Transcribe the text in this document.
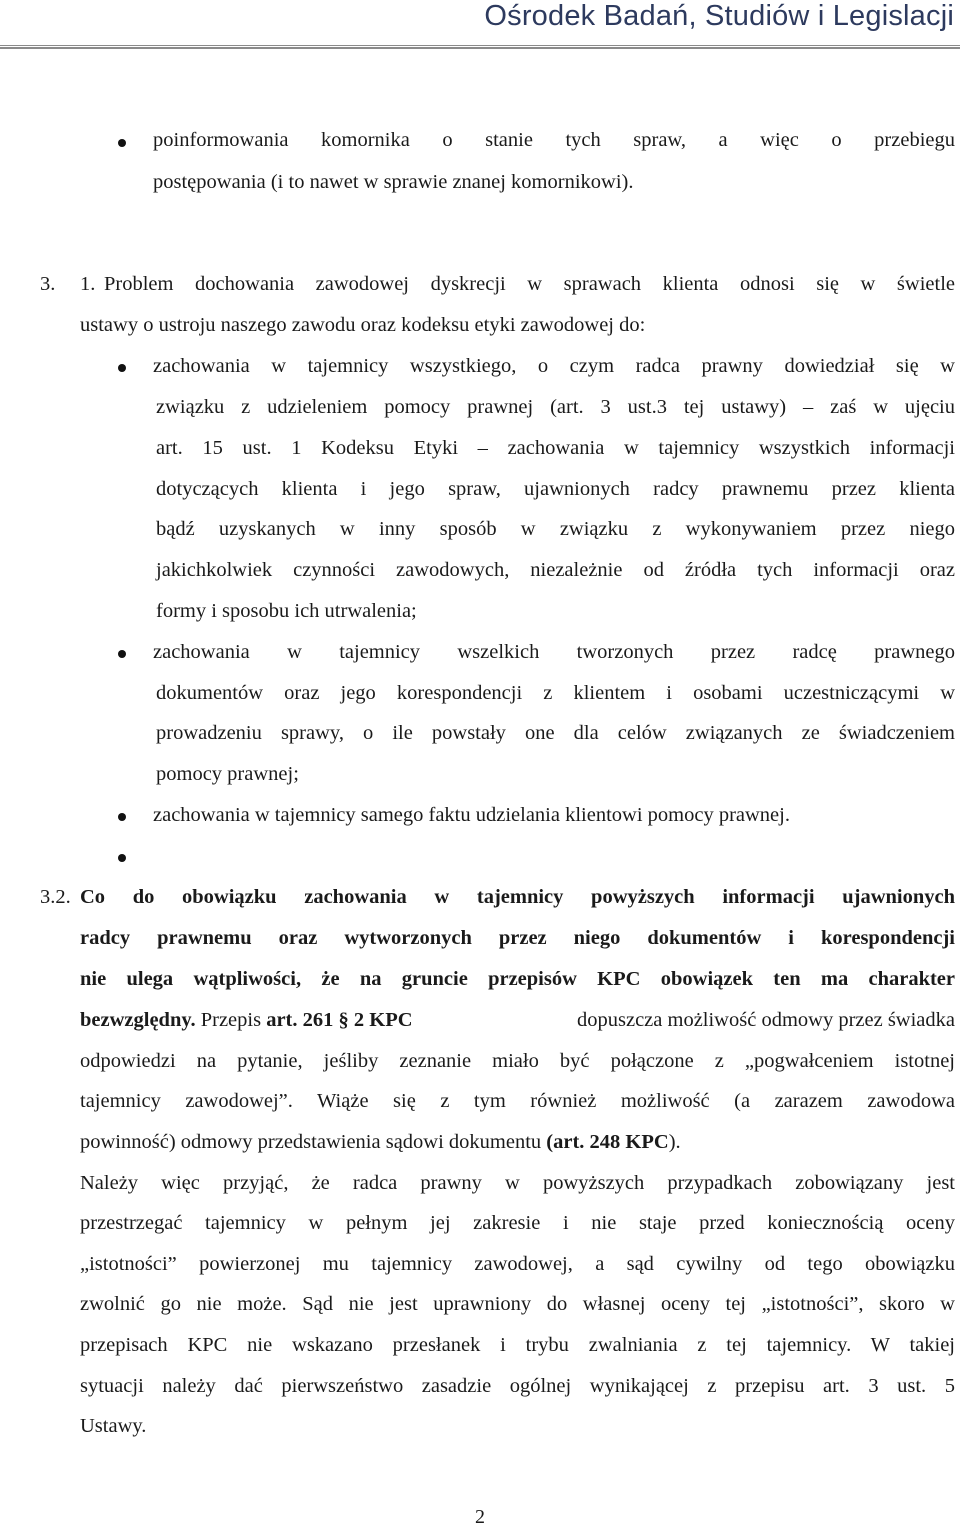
Ośrodek Badań, Studiów i Legislacji
poinformowania komornika o stanie tych spraw, a więc o przebiegu
postępowania (i to nawet w sprawie znanej komornikowi).
3. 1. Problem dochowania zawodowej dyskrecji w sprawach klienta odnosi się w świetle
ustawy o ustroju naszego zawodu oraz kodeksu etyki zawodowej do:
zachowania w tajemnicy wszystkiego, o czym radca prawny dowiedział się w
związku z udzieleniem pomocy prawnej (art. 3 ust.3 tej ustawy) – zaś w ujęciu
art. 15 ust. 1 Kodeksu Etyki – zachowania w tajemnicy wszystkich informacji
dotyczących klienta i jego spraw, ujawnionych radcy prawnemu przez klienta
bądź uzyskanych w inny sposób w związku z wykonywaniem przez niego
jakichkolwiek czynności zawodowych, niezależnie od źródła tych informacji oraz
formy i sposobu ich utrwalenia;
zachowania w tajemnicy wszelkich tworzonych przez radcę prawnego
dokumentów oraz jego korespondencji z klientem i osobami uczestniczącymi w
prowadzeniu sprawy, o ile powstały one dla celów związanych ze świadczeniem
pomocy prawnej;
zachowania w tajemnicy samego faktu udzielania klientowi pomocy prawnej.
3.2. Co do obowiązku zachowania w tajemnicy powyższych informacji ujawnionych
radcy prawnemu oraz wytworzonych przez niego dokumentów i korespondencji
nie ulega wątpliwości, że na gruncie przepisów KPC obowiązek ten ma charakter
bezwzględny. Przepis art. 261 § 2 KPC	dopuszcza możliwość odmowy przez świadka
odpowiedzi na pytanie, jeśliby zeznanie miało być połączone z „pogwałceniem istotnej
tajemnicy zawodowej”. Wiąże się z tym również możliwość (a zarazem zawodowa
powinność) odmowy przedstawienia sądowi dokumentu (art. 248 KPC).
Należy więc przyjąć, że radca prawny w powyższych przypadkach zobowiązany jest
przestrzegać tajemnicy w pełnym jej zakresie i nie staje przed koniecznością oceny
„istotności” powierzonej mu tajemnicy zawodowej, a sąd cywilny od tego obowiązku
zwolnić go nie może. Sąd nie jest uprawniony do własnej oceny tej „istotności”, skoro w
przepisach KPC nie wskazano przesłanek i trybu zwalniania z tej tajemnicy. W takiej
sytuacji należy dać pierwszeństwo zasadzie ogólnej wynikającej z przepisu art. 3 ust. 5
Ustawy.
2
